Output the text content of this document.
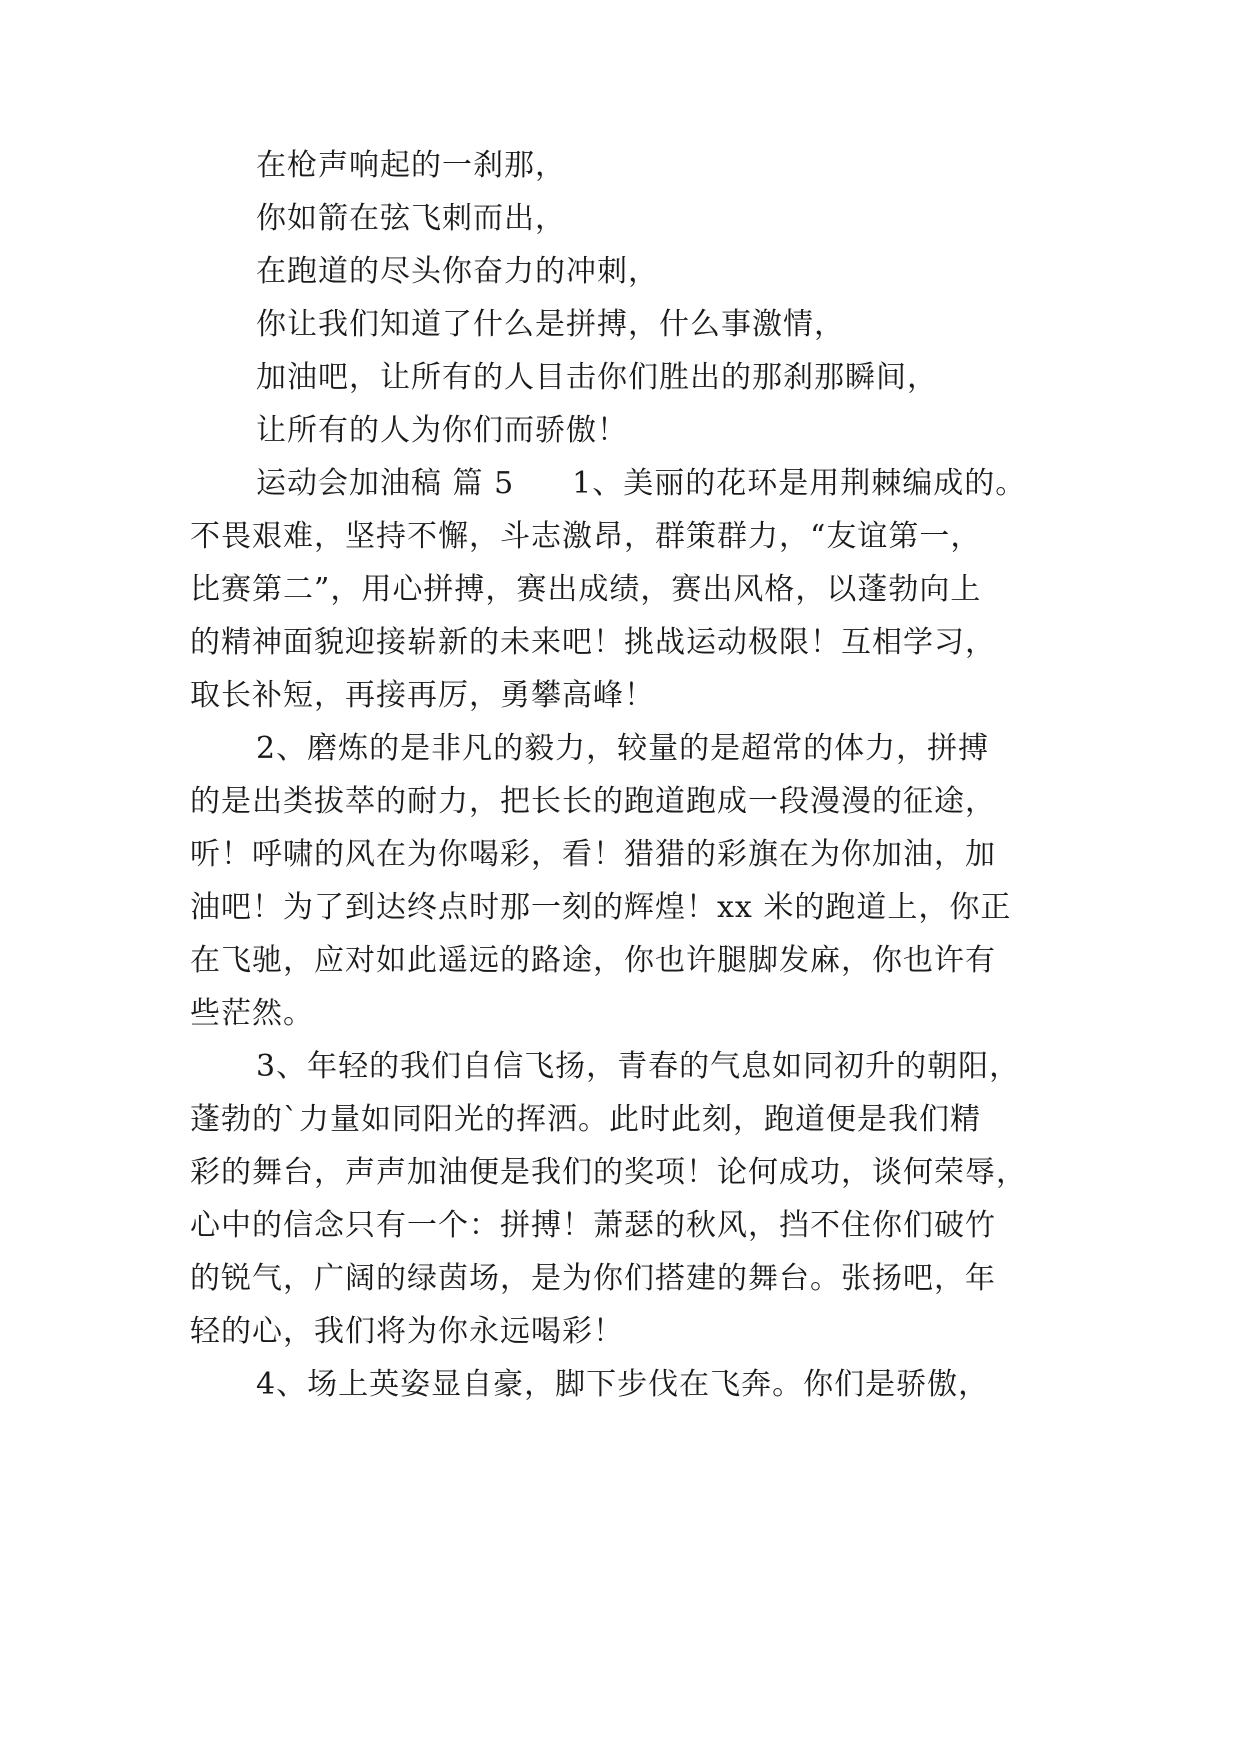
在枪声响起的一刹那，
你如箭在弦飞刺而出，
在跑道的尽头你奋力的冲刺，
你让我们知道了什么是拼搏，什么事激情，
加油吧，让所有的人目击你们胜出的那刹那瞬间，
让所有的人为你们而骄傲！
运动会加油稿 篇 5 1、美丽的花环是用荆棘编成的。
不畏艰难，坚持不懈，斗志激昂，群策群力，“友谊第一，
比赛第二”，用心拼搏，赛出成绩，赛出风格，以蓬勃向上
的精神面貌迎接崭新的未来吧！挑战运动极限！互相学习，
取长补短，再接再厉，勇攀高峰！
2、磨炼的是非凡的毅力，较量的是超常的体力，拼搏
的是出类拔萃的耐力，把长长的跑道跑成一段漫漫的征途，
听！呼啸的风在为你喝彩，看！猎猎的彩旗在为你加油，加
油吧！为了到达终点时那一刻的辉煌！xx 米的跑道上，你正
在飞驰，应对如此遥远的路途，你也许腿脚发麻，你也许有
些茫然。
3、年轻的我们自信飞扬，青春的气息如同初升的朝阳，
蓬勃的`力量如同阳光的挥洒。此时此刻，跑道便是我们精
彩的舞台，声声加油便是我们的奖项！论何成功，谈何荣辱，
心中的信念只有一个：拼搏！萧瑟的秋风，挡不住你们破竹
的锐气，广阔的绿茵场，是为你们搭建的舞台。张扬吧，年
轻的心，我们将为你永远喝彩！
4、场上英姿显自豪，脚下步伐在飞奔。你们是骄傲，
